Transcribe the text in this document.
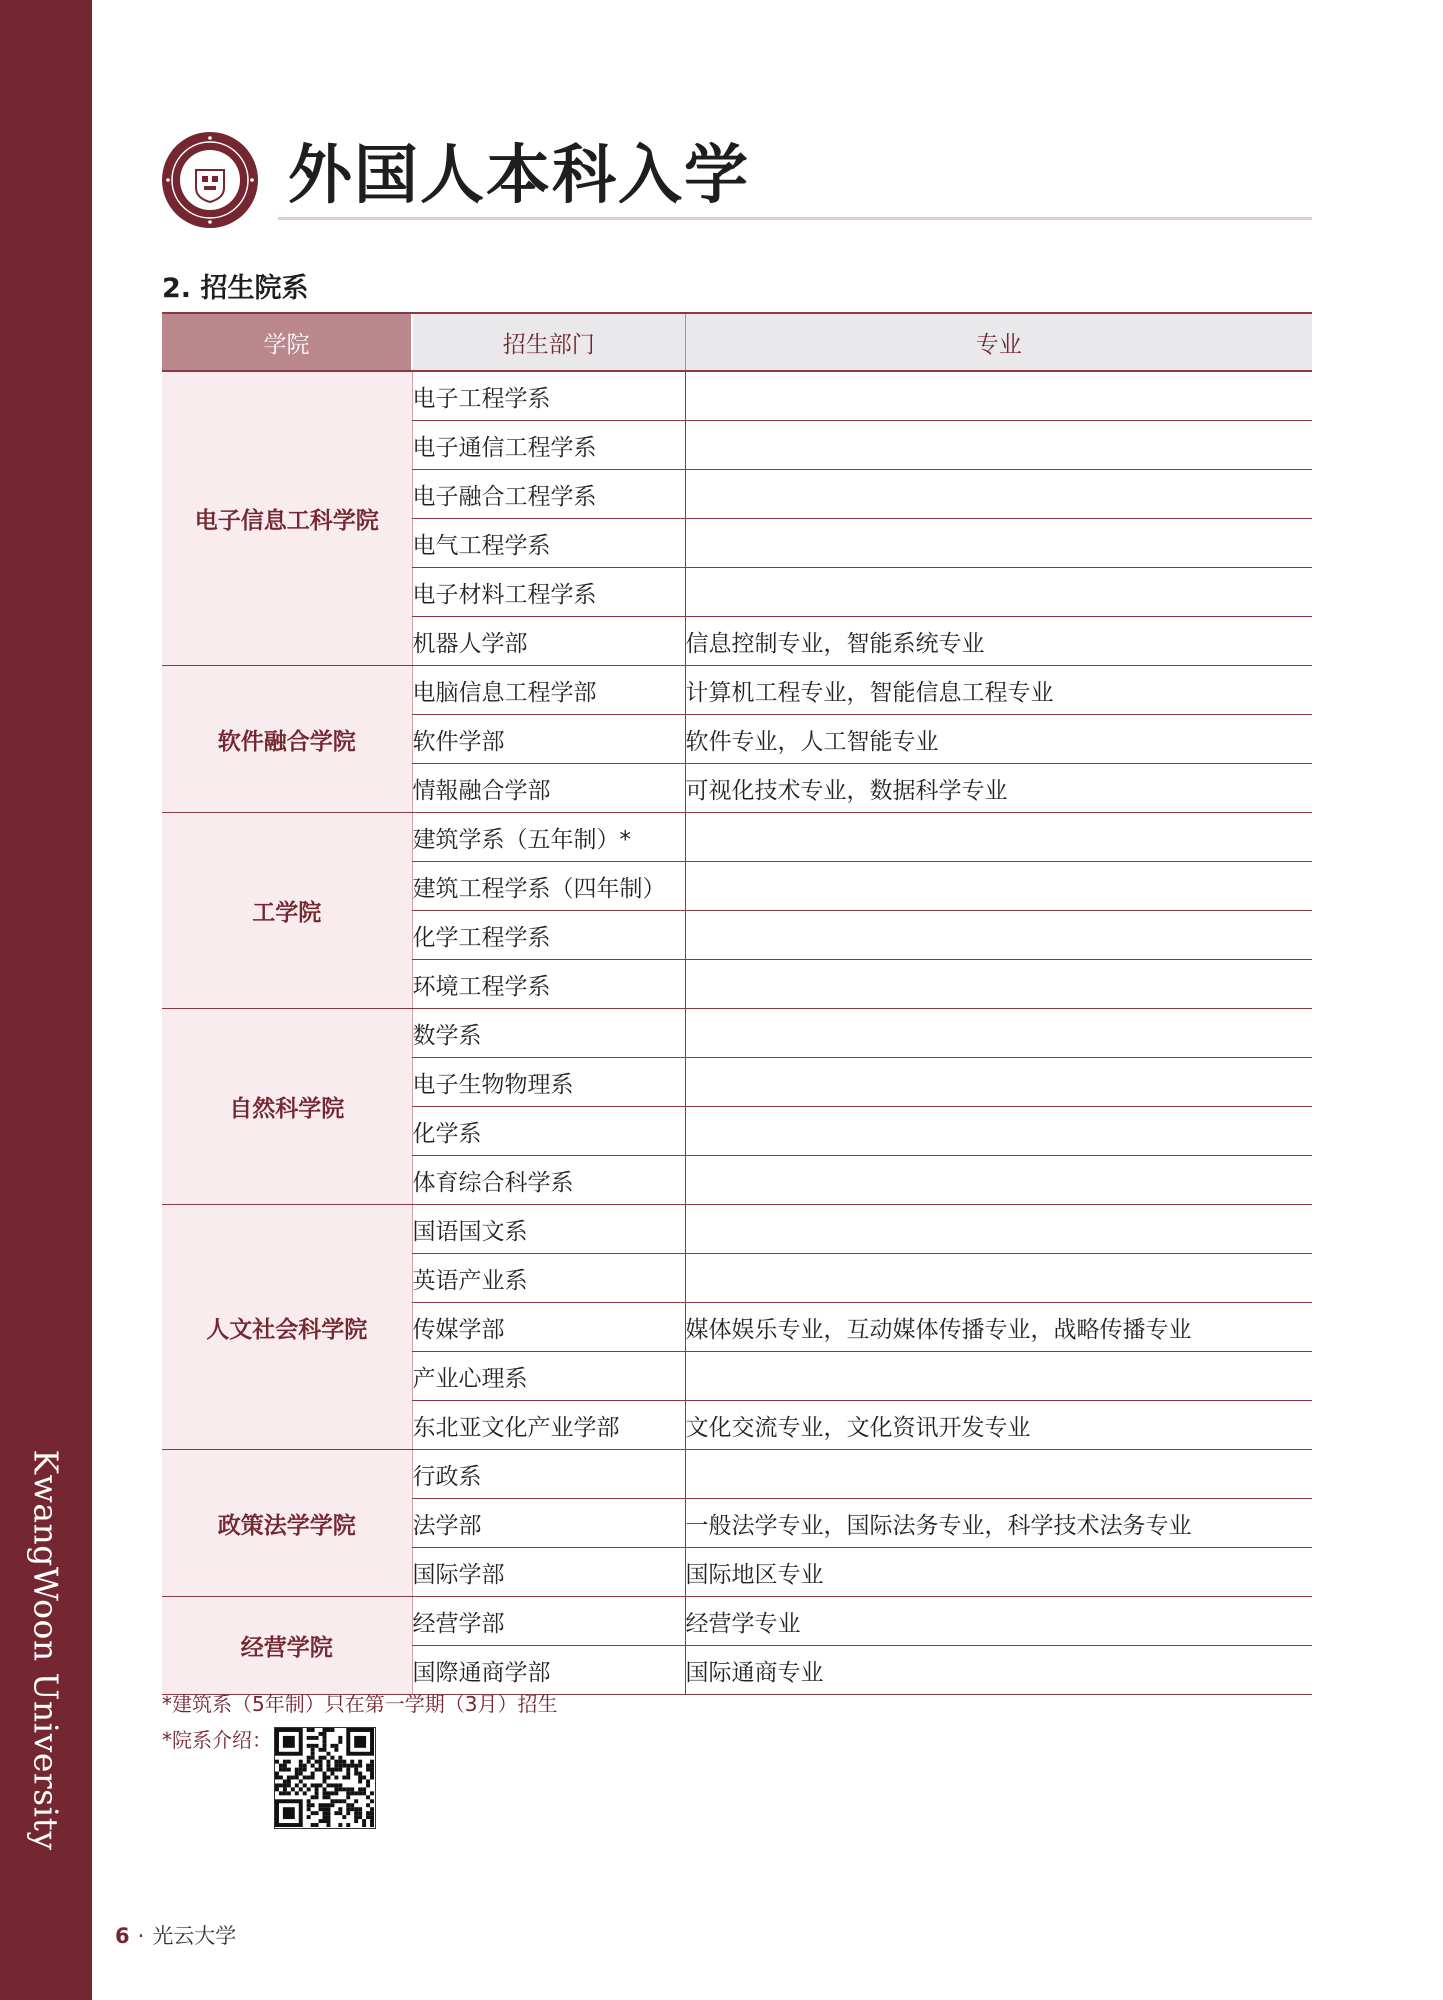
KwangWoon University
外国人本科入学
2. 招生院系
学院	招生部门	专业
电子信息工科学院	电子工程学系	
	电子通信工程学系	
	电子融合工程学系	
	电气工程学系	
	电子材料工程学系	
	机器人学部	信息控制专业，智能系统专业
软件融合学院	电脑信息工程学部	计算机工程专业，智能信息工程专业
	软件学部	软件专业，人工智能专业
	情報融合学部	可视化技术专业，数据科学专业
工学院	建筑学系（五年制）*	
	建筑工程学系（四年制）	
	化学工程学系	
	环境工程学系	
自然科学院	数学系	
	电子生物物理系	
	化学系	
	体育综合科学系	
人文社会科学院	国语国文系	
	英语产业系	
	传媒学部	媒体娱乐专业，互动媒体传播专业，战略传播专业
	产业心理系	
	东北亚文化产业学部	文化交流专业，文化资讯开发专业
政策法学学院	行政系	
	法学部	一般法学专业，国际法务专业，科学技术法务专业
	国际学部	国际地区专业
经营学院	经营学部	经营学专业
	国際通商学部	国际通商专业
*建筑系（5年制）只在第一学期（3月）招生
*院系介绍：
6 · 光云大学
